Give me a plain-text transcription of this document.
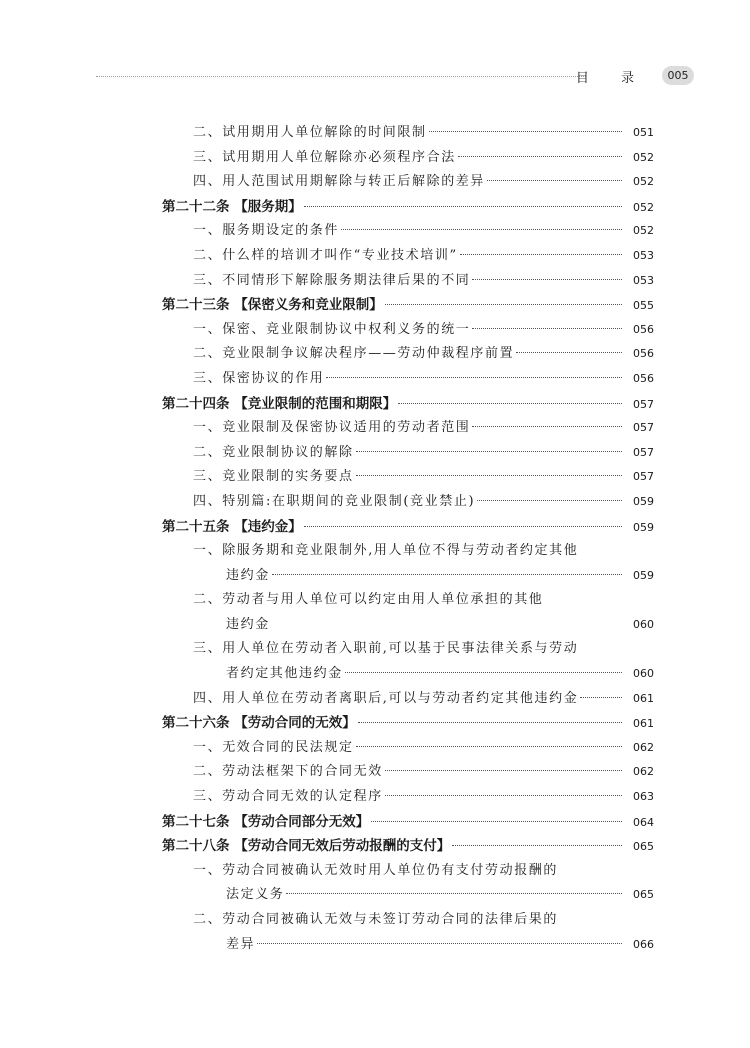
目 录	005
二、试用期用人单位解除的时间限制	051
三、试用期用人单位解除亦必须程序合法	052
四、用人范围试用期解除与转正后解除的差异	052
第二十二条 【服务期】	052
一、服务期设定的条件	052
二、什么样的培训才叫作“专业技术培训”	053
三、不同情形下解除服务期法律后果的不同	053
第二十三条 【保密义务和竞业限制】	055
一、保密、竞业限制协议中权利义务的统一	056
二、竞业限制争议解决程序——劳动仲裁程序前置	056
三、保密协议的作用	056
第二十四条 【竞业限制的范围和期限】	057
一、竞业限制及保密协议适用的劳动者范围	057
二、竞业限制协议的解除	057
三、竞业限制的实务要点	057
四、特别篇:在职期间的竞业限制(竞业禁止)	059
第二十五条 【违约金】	059
一、除服务期和竞业限制外,用人单位不得与劳动者约定其他
违约金	059
二、劳动者与用人单位可以约定由用人单位承担的其他
违约金	060
三、用人单位在劳动者入职前,可以基于民事法律关系与劳动
者约定其他违约金	060
四、用人单位在劳动者离职后,可以与劳动者约定其他违约金	061
第二十六条 【劳动合同的无效】	061
一、无效合同的民法规定	062
二、劳动法框架下的合同无效	062
三、劳动合同无效的认定程序	063
第二十七条 【劳动合同部分无效】	064
第二十八条 【劳动合同无效后劳动报酬的支付】	065
一、劳动合同被确认无效时用人单位仍有支付劳动报酬的
法定义务	065
二、劳动合同被确认无效与未签订劳动合同的法律后果的
差异	066
